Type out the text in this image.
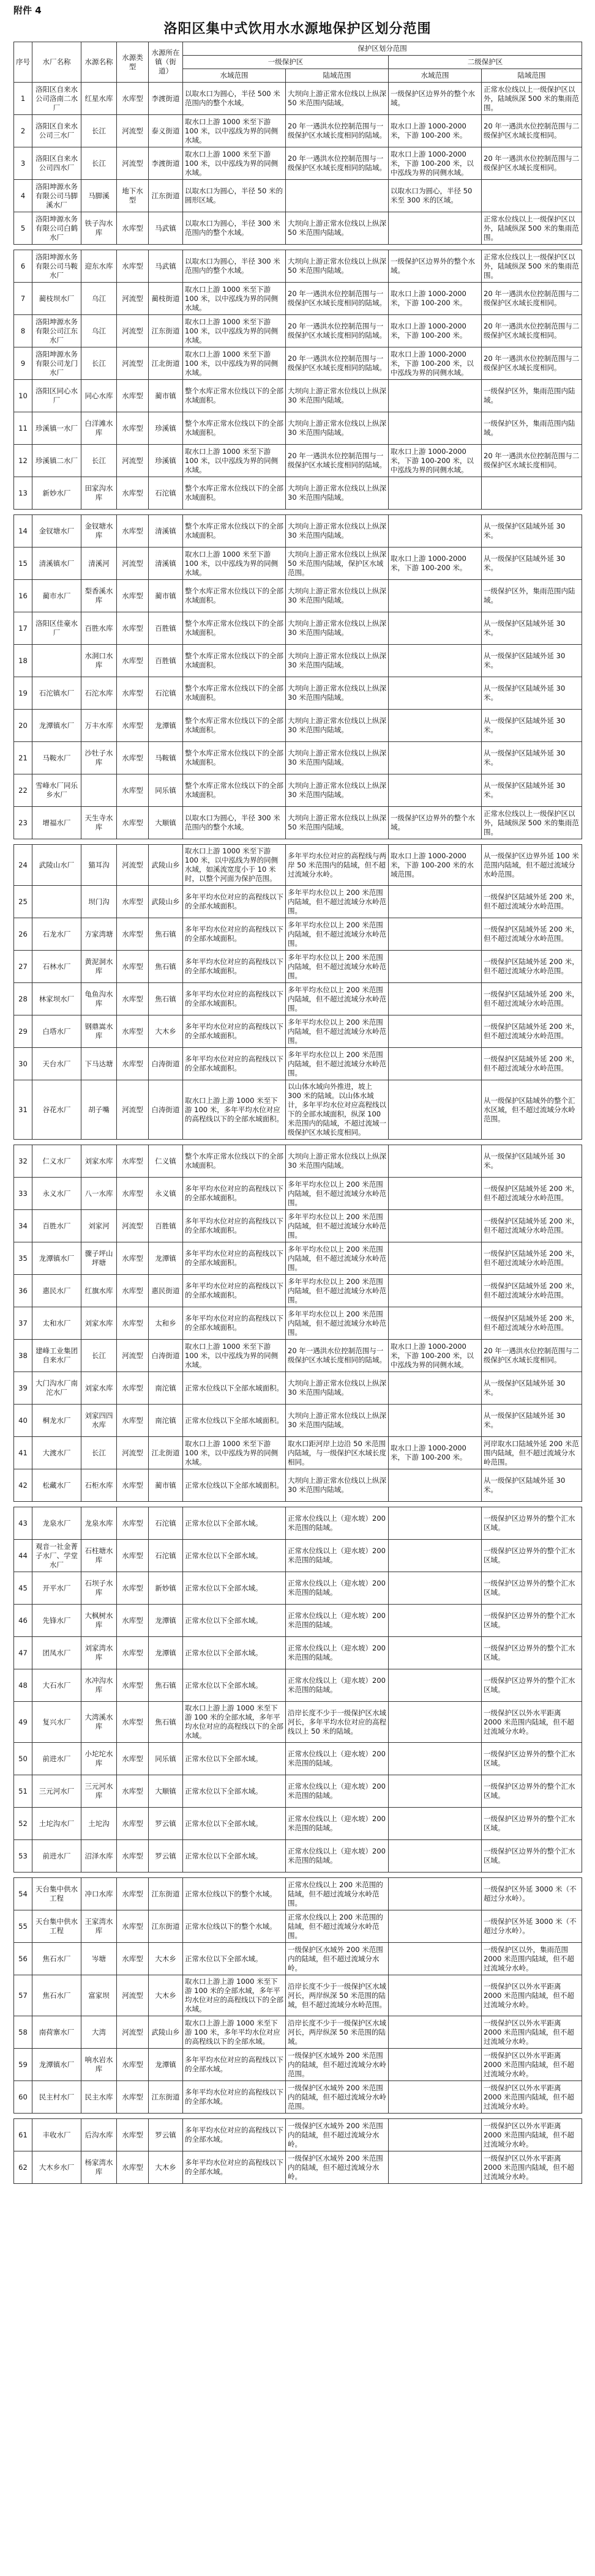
附件 4
洛阳区集中式饮用水水源地保护区划分范围
序号	水厂名称	水源名称	水源类型	水源所在镇（街道）	保护区划分范围			
					一级保护区		二级保护区	
					水域范围	陆域范围	水域范围	陆域范围
1	洛阳区自来水公司洛南二水厂	红星水库	水库型	李渡街道	以取水口为圆心，半径 500 米范围内的整个水域。	大坝向上游正常水位线以上纵深 50 米范围内陆域。	一级保护区边界外的整个水域。	正常水位线以上一级保护区以外，陆域纵深 500 米的集雨范围。
2	洛阳区自来水公司三水厂	长江	河流型	泰义街道	取水口上游 1000 米至下游 100 米，以中泓线为界的同侧水域。	20 年一遇洪水位控制范围与一级保护区水域长度相同的陆域。	取水口上游 1000-2000 米，下游 100-200 米。	20 年一遇洪水位控制范围与二级保护区水域长度相同。
3	洛阳区自来水公司四水厂	长江	河流型	李渡街道	取水口上游 1000 米至下游 100 米，以中泓线为界的同侧水域。	20 年一遇洪水位控制范围与一级保护区水域长度相同的陆域。	取水口上游 1000-2000 米，下游 100-200 米，以中泓线为界的同侧水域。	20 年一遇洪水位控制范围与二级保护区水域长度相同。
4	洛阳坤源水务有限公司马脚溪水厂	马脚溪	地下水型	江东街道	以取水口为圆心，半径 50 米的圆形区域。		以取水口为圆心，半径 50 米至 300 米的区域。	
5	洛阳坤源水务有限公司白鹤水厂	铁子沟水库	水库型	马武镇	以取水口为圆心，半径 300 米范围内的整个水域。	大坝向上游正常水位线以上纵深 50 米范围内陆域。		正常水位线以上一级保护区以外，陆域纵深 500 米的集雨范围。

6	洛阳坤源水务有限公司马鞍水厂	迎东水库	水库型	马武镇	以取水口为圆心，半径 300 米范围内的整个水域。	大坝向上游正常水位线以上纵深 50 米范围内陆域。	一级保护区边界外的整个水域。	正常水位线以上一级保护区以外，陆域纵深 500 米的集雨范围。
7	蔺枝坝水厂	乌江	河流型	蔺枝街道	取水口上游 1000 米至下游 100 米，以中泓线为界的同侧水域。	20 年一遇洪水位控制范围与一级保护区水域长度相同的陆域。	取水口上游 1000-2000 米，下游 100-200 米。	20 年一遇洪水位控制范围与二级保护区水域长度相同。
8	洛阳坤源水务有限公司江东水厂	乌江	河流型	江东街道	取水口上游 1000 米至下游 100 米，以中泓线为界的同侧水域。	20 年一遇洪水位控制范围与一级保护区水域长度相同的陆域。	取水口上游 1000-2000 米，下游 100-200 米。	20 年一遇洪水位控制范围与二级保护区水域长度相同。
9	洛阳坤源水务有限公司龙门水厂	长江	河流型	江北街道	取水口上游 1000 米至下游 100 米，以中泓线为界的同侧水域。	20 年一遇洪水位控制范围与一级保护区水域长度相同的陆域。	取水口上游 1000-2000 米，下游 100-200 米，以中泓线为界的同侧水域。	20 年一遇洪水位控制范围与二级保护区水域长度相同。
10	洛阳区同心水厂	同心水库	水库型	蔺市镇	整个水库正常水位线以下的全部水域面积。	大坝向上游正常水位线以上纵深 30 米范围内陆域。		一级保护区外，集雨范围内陆域。
11	珍溪镇一水厂	白洋滩水库	水库型	珍溪镇	整个水库正常水位线以下的全部水域面积。	大坝向上游正常水位线以上纵深 30 米范围内陆域。		一级保护区外，集雨范围内陆域。
12	珍溪镇二水厂	长江	河流型	珍溪镇	取水口上游 1000 米至下游 100 米，以中泓线为界的同侧水域。	20 年一遇洪水位控制范围与一级保护区水域长度相同的陆域。	取水口上游 1000-2000 米，下游 100-200 米，以中泓线为界的同侧水域。	20 年一遇洪水位控制范围与二级保护区水域长度相同。
13	新妙水厂	田家沟水库	水库型	石沱镇	整个水库正常水位线以下的全部水域面积。	大坝向上游正常水位线以上纵深 30 米范围内陆域。		

14	金钗塘水厂	金钗塘水库	水库型	清溪镇	整个水库正常水位线以下的全部水域面积。	大坝向上游正常水位线以上纵深 30 米范围内陆域。		从一级保护区陆域外延 30 米。
15	清溪镇水厂	清溪河	河流型	清溪镇	取水口上游 1000 米至下游 100 米，以中泓线为界的同侧水域。	大坝向上游正常水位线以上纵深 50 米范围内陆域，保护区水域范围。	取水口上游 1000-2000 米，下游 100-200 米。	从一级保护区陆域外延 30 米。
16	蔺市水厂	梨香溪水库	水库型	蔺市镇	整个水库正常水位线以下的全部水域面积。	大坝向上游正常水位线以上纵深 30 米范围内陆域。		一级保护区外，集雨范围内陆域。
17	洛阳区佳豪水厂	百胜水库	水库型	百胜镇	整个水库正常水位线以下的全部水域面积。	大坝向上游正常水位线以上纵深 30 米范围内陆域。		从一级保护区陆域外延 30 米。
18		水洞口水库	水库型	百胜镇	整个水库正常水位线以下的全部水域面积。	大坝向上游正常水位线以上纵深 30 米范围内陆域。		从一级保护区陆域外延 30 米。
19	石沱镇水厂	石沱水库	水库型	石沱镇	整个水库正常水位线以下的全部水域面积。	大坝向上游正常水位线以上纵深 30 米范围内陆域。		从一级保护区陆域外延 30 米。
20	龙潭镇水厂	万丰水库	水库型	龙潭镇	整个水库正常水位线以下的全部水域面积。	大坝向上游正常水位线以上纵深 30 米范围内陆域。		从一级保护区陆域外延 30 米。
21	马鞍水厂	沙牡子水库	水库型	马鞍镇	整个水库正常水位线以下的全部水域面积。	大坝向上游正常水位线以上纵深 30 米范围内陆域。		从一级保护区陆域外延 30 米。
22	雪峰水厂同乐乡水厂		水库型	同乐镇	整个水库正常水位线以下的全部水域面积。	大坝向上游正常水位线以上纵深 30 米范围内陆域。		从一级保护区陆域外延 30 米。
23	增福水厂	天生寺水库	水库型	大顺镇	以取水口为圆心，半径 300 米范围内的整个水域。	大坝向上游正常水位线以上纵深 50 米范围内陆域。	一级保护区边界外的整个水域。	正常水位线以上一级保护区以外，陆域纵深 500 米的集雨范围。

24	武陵山水厂	猫耳沟	河流型	武陵山乡	取水口上游 1000 米至下游 100 米，以中泓线为界的同侧水域，如溪流宽度小于 10 米时，以整个河面为保护范围。	多年平均水位对应的高程线与两岸 50 米范围内的陆域，但不超过流域分水岭。	取水口上游 1000-2000 米，下游 100-200 米的水域范围。	从一级保护区边界外延 100 米范围内陆域，但不超过流域分水岭范围。
25		坝门沟	水库型	武陵山乡	多年平均水位对应的高程线以下的全部水域面积。	多年平均水位以上 200 米范围内陆域，但不超过流域分水岭范围。		一级保护区陆域外延 200 米，但不超过流域分水岭范围。
26	石龙水厂	方家湾塘	水库型	焦石镇	多年平均水位对应的高程线以下的全部水域面积。	多年平均水位以上 200 米范围内陆域，但不超过流域分水岭范围。		一级保护区陆域外延 200 米，但不超过流域分水岭范围。
27	石林水厂	黄泥洞水库	水库型	焦石镇	多年平均水位对应的高程线以下的全部水域面积。	多年平均水位以上 200 米范围内陆域，但不超过流域分水岭范围。		一级保护区陆域外延 200 米，但不超过流域分水岭范围。
28	林家坝水厂	龟鱼沟水库	水库型	焦石镇	多年平均水位对应的高程线以下的全部水域面积。	多年平均水位以上 200 米范围内陆域，但不超过流域分水岭范围。		一级保护区陆域外延 200 米，但不超过流域分水岭范围。
29	白塔水厂	钢鼎嵩水库	水库型	大木乡	多年平均水位对应的高程线以下的全部水域面积。	多年平均水位以上 200 米范围内陆域，但不超过流域分水岭范围。		一级保护区陆域外延 200 米，但不超过流域分水岭范围。
30	天台水厂	下马达塘	水库型	白涛街道	多年平均水位对应的高程线以下的全部水域面积。	多年平均水位以上 200 米范围内陆域，但不超过流域分水岭范围。		一级保护区陆域外延 200 米，但不超过流域分水岭范围。
31	谷花水厂	胡子嘴	河流型	白涛街道	取水口上游上游 1000 米至下游 100 米，多年平均水位对应的高程线以下的全部水域面积。	以山体水域向外推进，坡上 300 米的陆域。以山体水域计，多年平均水位对应高程线以下的全部水域面积，纵深 100 米范围内的陆域，不超过流域一级保护区水域长度相同。		从一级保护区陆域外的整个汇水区域，但不超过流域分水岭范围。

32	仁义水厂	刘家水库	水库型	仁义镇	整个水库正常水位线以下的全部水域面积。	大坝向上游正常水位线以上纵深 30 米范围内陆域。		从一级保护区陆域外延 30 米。
33	永义水厂	八一水库	水库型	永义镇	多年平均水位对应的高程线以下的全部水域面积。	多年平均水位以上 200 米范围内陆域，但不超过流域分水岭范围。		一级保护区陆域外延 200 米，但不超过流域分水岭范围。
34	百胜水厂	刘家河	河流型	百胜镇	多年平均水位对应的高程线以下的全部水域面积。	多年平均水位以上 200 米范围内陆域，但不超过流域分水岭范围。		一级保护区陆域外延 200 米，但不超过流域分水岭范围。
35	龙潭镇水厂	骤子坪山坪塘	水库型	龙潭镇	多年平均水位对应的高程线以下的全部水域面积。	多年平均水位以上 200 米范围内陆域，但不超过流域分水岭范围。		一级保护区陆域外延 200 米，但不超过流域分水岭范围。
36	惠民水厂	红旗水库	水库型	惠民街道	多年平均水位对应的高程线以下的全部水域面积。	多年平均水位以上 200 米范围内陆域，但不超过流域分水岭范围。		一级保护区陆域外延 200 米，但不超过流域分水岭范围。
37	太和水厂	刘家水库	水库型	太和乡	多年平均水位对应的高程线以下的全部水域面积。	多年平均水位以上 200 米范围内陆域，但不超过流域分水岭范围。		一级保护区陆域外延 200 米，但不超过流域分水岭范围。
38	建峰工业集团自来水厂	长江	河流型	白涛街道	取水口上游 1000 米至下游 100 米，以中泓线为界的同侧水域。	20 年一遇洪水位控制范围与一级保护区水域长度相同的陆域。	取水口上游 1000-2000 米，下游 100-200 米，以中泓线为界的同侧水域。	20 年一遇洪水位控制范围与二级保护区水域长度相同。
39	大门沟水厂南沱水厂	刘家水库	水库型	南沱镇	正常水位线以下全部水域面积。	大坝向上游正常水位线以上纵深 30 米范围内陆域。		从一级保护区陆域外延 30 米。
40	桐龙水厂	刘家四四水库	水库型	南沱镇	正常水位线以下全部水域面积。	大坝向上游正常水位线以上纵深 30 米范围内陆域。		从一级保护区陆域外延 30 米。
41	大渡水厂	长江	河流型	江北街道	取水口上游 1000 米至下游 100 米，以中泓线为界的同侧水域。	取水口距河岸上边沿 50 米范围内陆域，与一级保护区水域长度相同。	取水口上游 1000-2000 米，下游 100-200 米。	河岸取水口陆域外延 200 米范围内陆域，但不超过流域分水岭范围。
42	松藏水厂	石柜水库	水库型	蔺市镇	正常水位线以下全部水域面积。	大坝向上游正常水位线以上纵深 30 米范围内陆域。		从一级保护区陆域外延 30 米。

43	龙泉水厂	龙泉水库	水库型	石沱镇	正常水位以下全部水域。	正常水位线以上（迎水坡）200 米范围的陆域。		一级保护区边界外的整个汇水区域。
44	观音一社金菁子水厂、学堂水厂	石柱塘水库	水库型	石沱镇	正常水位以下全部水域。	正常水位线以上（迎水坡）200 米范围的陆域。		一级保护区边界外的整个汇水区域。
45	开平水厂	石坝子水库	水库型	新妙镇	正常水位以下全部水域。	正常水位线以上（迎水坡）200 米范围的陆域。		一级保护区边界外的整个汇水区域。
46	先锋水厂	大枫树水库	水库型	龙潭镇	正常水位以下全部水域。	正常水位线以上（迎水坡）200 米范围的陆域。		一级保护区边界外的整个汇水区域。
47	团凤水厂	刘家湾水库	水库型	龙潭镇	正常水位以下全部水域。	正常水位线以上（迎水坡）200 米范围的陆域。		一级保护区边界外的整个汇水区域。
48	大石水厂	水冲沟水库	水库型	焦石镇	正常水位以下全部水域。	正常水位线以上（迎水坡）200 米范围的陆域。		一级保护区边界外的整个汇水区域。
49	复兴水厂	大湾溪水库	水库型	焦石镇	取水口上游上游 1000 米至下游 100 米的全部水域，多年平均水位对应的高程线以下的全部水域。	沿岸长度不少于一级保护区水域河长，多年平均水位对应的高程线以上 50 米的陆域。		一级保护区以外水平距离 2000 米范围内陆域，但不超过流域分水岭。
50	前进水厂	小坨坨水库	水库型	同乐镇	正常水位以下全部水域。	正常水位线以上（迎水坡）200 米范围的陆域。		一级保护区边界外的整个汇水区域。
51	三元河水厂	三元河水库	水库型	大顺镇	正常水位以下全部水域。	正常水位线以上（迎水坡）200 米范围的陆域。		一级保护区边界外的整个汇水区域。
52	土坨沟水厂	土坨沟	水库型	罗云镇	正常水位以下全部水域。	正常水位线以上（迎水坡）200 米范围的陆域。		一级保护区边界外的整个汇水区域。
53	前进水厂	沼泽水库	水库型	罗云镇	正常水位以下全部水域。	正常水位线以上（迎水坡）200 米范围的陆域。		一级保护区边界外的整个汇水区域。

54	天台集中供水工程	冲口水库	水库型	江东街道	正常水位线以下的整个水域。	正常水位线以上 200 米范围的陆域，但不超过流域分水岭范围。		一级保护区外延 3000 米（不超过分水岭）。
55	天台集中供水工程	王家湾水库	水库型	江东街道	正常水位线以下的整个水域。	正常水位线以上 200 米范围的陆域，但不超过流域分水岭范围。		一级保护区外延 3000 米（不超过分水岭）。
56	焦石水厂	岑塘	水库型	大木乡	正常水位以下全部水域。	一级保护区水域外 200 米范围内的陆域，但不超过流域分水岭。		一级保护区以外，集雨范围 2000 米范围内陆域，但不超过流域分水岭。
57	焦石水厂	富家坝	河流型	大木乡	取水口上游上游 1000 米至下游 100 米的全部水域，多年平均水位对应的高程线以下的全部水域。	沿岸长度不少于一级保护区水域河长，两岸纵深 50 米范围的陆域，但不超过流域分水岭范围。		一级保护区以外水平距离 2000 米范围内陆域，但不超过流域分水岭。
58	南荷寨水厂	大湾	河流型	武陵山乡	取水口上游上游 1000 米至下游 100 米，多年平均水位对应的高程线以下的全部水域。	沿岸长度不少于一级保护区水域河长，两岸纵深 50 米范围的陆域。		一级保护区以外水平距离 2000 米范围内陆域，但不超过流域分水岭。
59	龙潭镇水厂	响水岩水库	水库型	龙潭镇	多年平均水位对应的高程线以下的全部水域。	一级保护区水域外 200 米范围内的陆域，但不超过流域分水岭范围。		一级保护区以外水平距离 2000 米范围内陆域，但不超过流域分水岭。
60	民主村水厂	民主水库	水库型	江东街道	多年平均水位对应的高程线以下的全部水域。	一级保护区水域外 200 米范围内的陆域，但不超过流域分水岭范围。		一级保护区以外水平距离 2000 米范围内陆域，但不超过流域分水岭。

61	丰收水厂	后沟水库	水库型	罗云镇	多年平均水位对应的高程线以下的全部水域。	一级保护区水域外 200 米范围内的陆域，但不超过流域分水岭。		一级保护区以外水平距离 2000 米范围内陆域，但不超过流域分水岭。
62	大木乡水厂	杨家湾水库	水库型	大木乡	多年平均水位对应的高程线以下的全部水域。	一级保护区水域外 200 米范围内的陆域，但不超过流域分水岭。		一级保护区以外水平距离 2000 米范围内陆域，但不超过流域分水岭。
